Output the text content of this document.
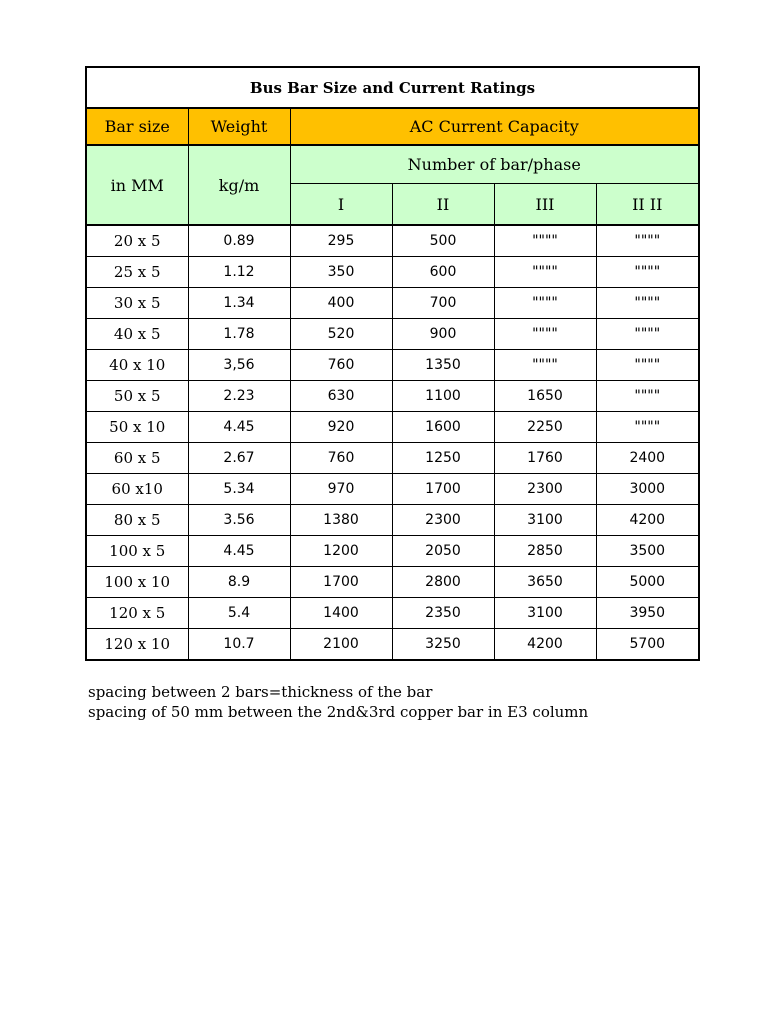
Bus Bar Size and Current Ratings					
Bar size	Weight	AC Current Capacity			
in MM	kg/m	Number of bar/phase			
		I	II	III	II II
20 x 5	0.89	295	500	""""	""""
25 x 5	1.12	350	600	""""	""""
30 x 5	1.34	400	700	""""	""""
40 x 5	1.78	520	900	""""	""""
40 x 10	3,56	760	1350	""""	""""
50 x 5	2.23	630	1100	1650	""""
50 x 10	4.45	920	1600	2250	""""
60 x 5	2.67	760	1250	1760	2400
60 x10	5.34	970	1700	2300	3000
80 x 5	3.56	1380	2300	3100	4200
100 x 5	4.45	1200	2050	2850	3500
100 x 10	8.9	1700	2800	3650	5000
120 x 5	5.4	1400	2350	3100	3950
120 x 10	10.7	2100	3250	4200	5700
spacing between 2 bars=thickness of the bar
spacing of 50 mm between the 2nd&3rd copper bar in E3 column
